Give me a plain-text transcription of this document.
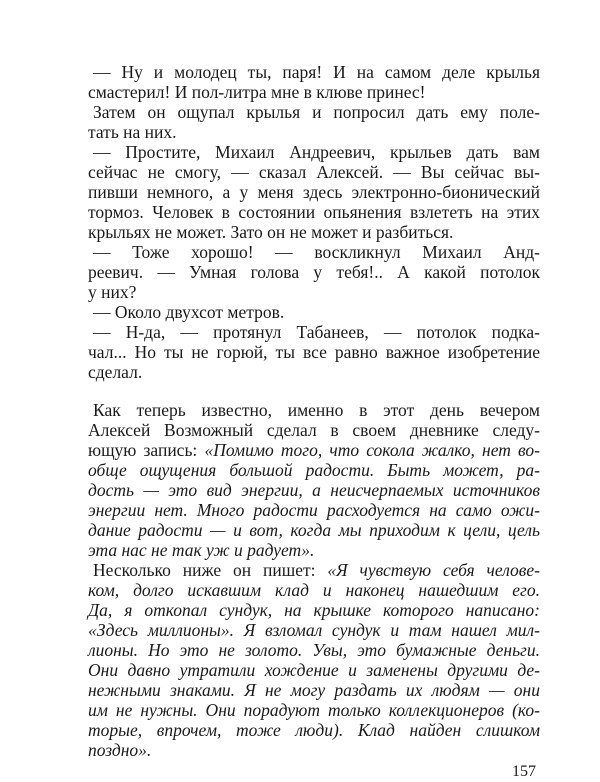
— Ну и молодец ты, паря! И на самом деле крылья
смастерил! И пол-литра мне в клюве принес!
Затем он ощупал крылья и попросил дать ему поле-
тать на них.
— Простите, Михаил Андреевич, крыльев дать вам
сейчас не смогу, — сказал Алексей. — Вы сейчас вы-
пивши немного, а у меня здесь электронно-бионический
тормоз. Человек в состоянии опьянения взлететь на этих
крыльях не может. Зато он не может и разбиться.
— Тоже хорошо! — воскликнул Михаил Анд-
реевич. — Умная голова у тебя!.. А какой потолок
у них?
— Около двухсот метров.
— Н-да, — протянул Табанеев, — потолок подка-
чал... Но ты не горюй, ты все равно важное изобретение
сделал.
Как теперь известно, именно в этот день вечером
Алексей Возможный сделал в своем дневнике следу-
ющую запись: «Помимо того, что сокола жалко, нет во-
обще ощущения большой радости. Быть может, ра-
дость — это вид энергии, а неисчерпаемых источников
энергии нет. Много радости расходуется на само ожи-
дание радости — и вот, когда мы приходим к цели, цель
эта нас не так уж и радует».
Несколько ниже он пишет: «Я чувствую себя челове-
ком, долго искавшим клад и наконец нашедшим его.
Да, я откопал сундук, на крышке которого написано:
«Здесь миллионы». Я взломал сундук и там нашел мил-
лионы. Но это не золото. Увы, это бумажные деньги.
Они давно утратили хождение и заменены другими де-
нежными знаками. Я не могу раздать их людям — они
им не нужны. Они порадуют только коллекционеров (ко-
торые, впрочем, тоже люди). Клад найден слишком
поздно».
157
